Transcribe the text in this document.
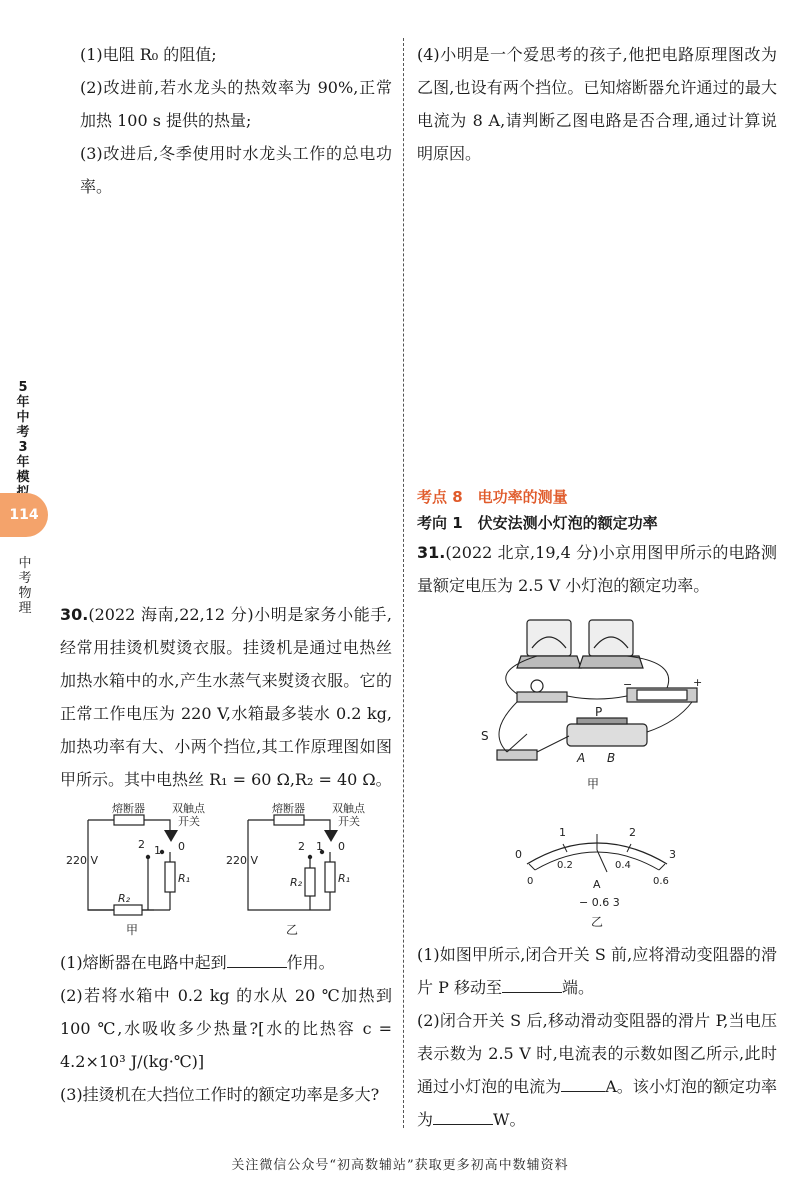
5年中考3年模
114
中考物理

(1)电阻 R₀ 的阻值;

(2)改进前,若水龙头的热效率为 90%,正常加热 100 s 提供的热量;

(3)改进后,冬季使用时水龙头工作的总电功率。

30.(2022 海南,22,12 分)小明是家务小能手,经常用挂烫机熨烫衣服。挂烫机是通过电热丝加热水箱中的水,产生水蒸气来熨烫衣服。它的正常工作电压为 220 V,水箱最多装水 0.2 kg,加热功率有大、小两个挡位,其工作原理图如图甲所示。其中电热丝 R₁ = 60 Ω,R₂ = 40 Ω。

熔断器 双触点
开关
220 V
0
1
2
R₁
R₂
甲
熔断器 双触点
开关
220 V
0
1
2
R₁
R₂
乙

(1)熔断器在电路中起到	作用。

(2)若将水箱中 0.2 kg 的水从 20 ℃加热到 100 ℃,水吸收多少热量?[水的比热容 c = 4.2×10³ J/(kg·℃)]

(3)挂烫机在大挡位工作时的额定功率是多大?

(4)小明是一个爱思考的孩子,他把电路原理图改为乙图,也设有两个挡位。已知熔断器允许通过的最大电流为 8 A,请判断乙图电路是否合理,通过计算说明原因。

考点 8　电功率的测量
考向 1　伏安法测小灯泡的额定功率

31.(2022 北京,19,4 分)小京用图甲所示的电路测量额定电压为 2.5 V 小灯泡的额定功率。

S
P
A B
−	+
甲
0
1	2
3
0
0.2	0.4
0.6
A
− 0.6 3
乙

(1)如图甲所示,闭合开关 S 前,应将滑动变阻器的滑片 P 移动至	端。

(2)闭合开关 S 后,移动滑动变阻器的滑片 P,当电压表示数为 2.5 V 时,电流表的示数如图乙所示,此时通过小灯泡的电流为	A。该小灯泡的额定功率为	W。

关注微信公众号“初高数辅站”获取更多初高中数辅资料
